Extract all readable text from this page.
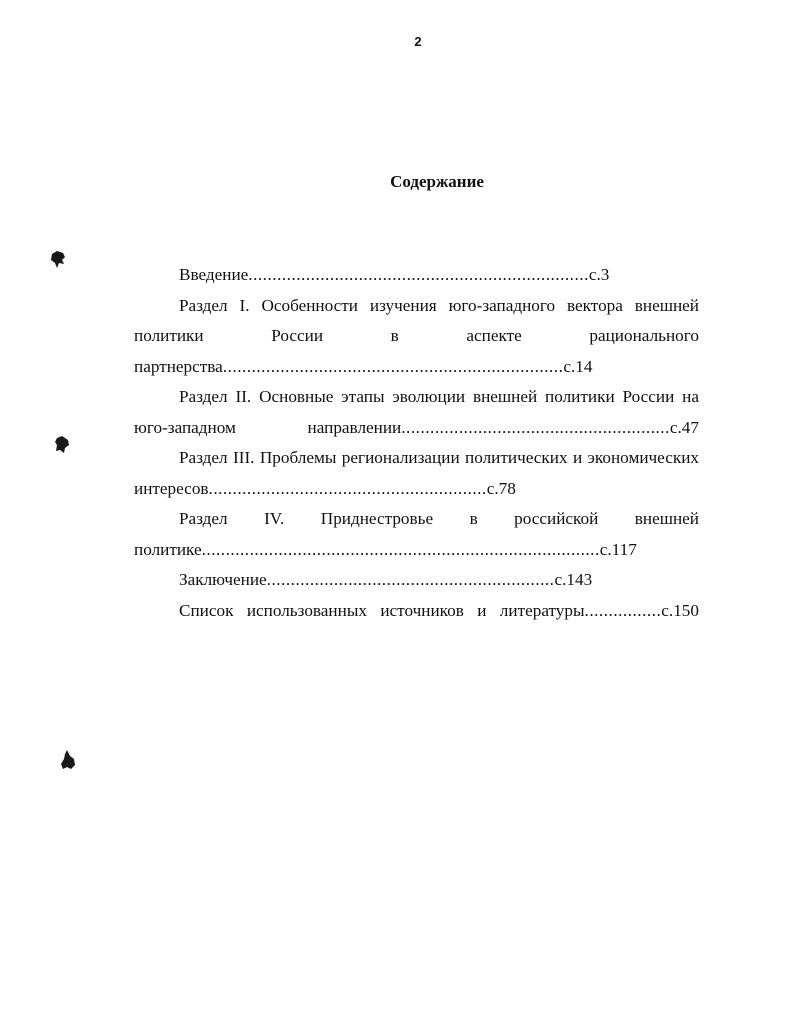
2
Содержание
Введение.......................................................................с.3
Раздел I. Особенности изучения юго-западного вектора внешней политики России в аспекте рационального партнерства.......................................................................с.14
Раздел II. Основные этапы эволюции внешней политики России на юго-западном направлении........................................................с.47
Раздел III. Проблемы регионализации политических и экономических интересов..........................................................с.78
Раздел IV. Приднестровье в российской внешней политике...................................................................................с.117
Заключение............................................................с.143
Список использованных источников и литературы................с.150
